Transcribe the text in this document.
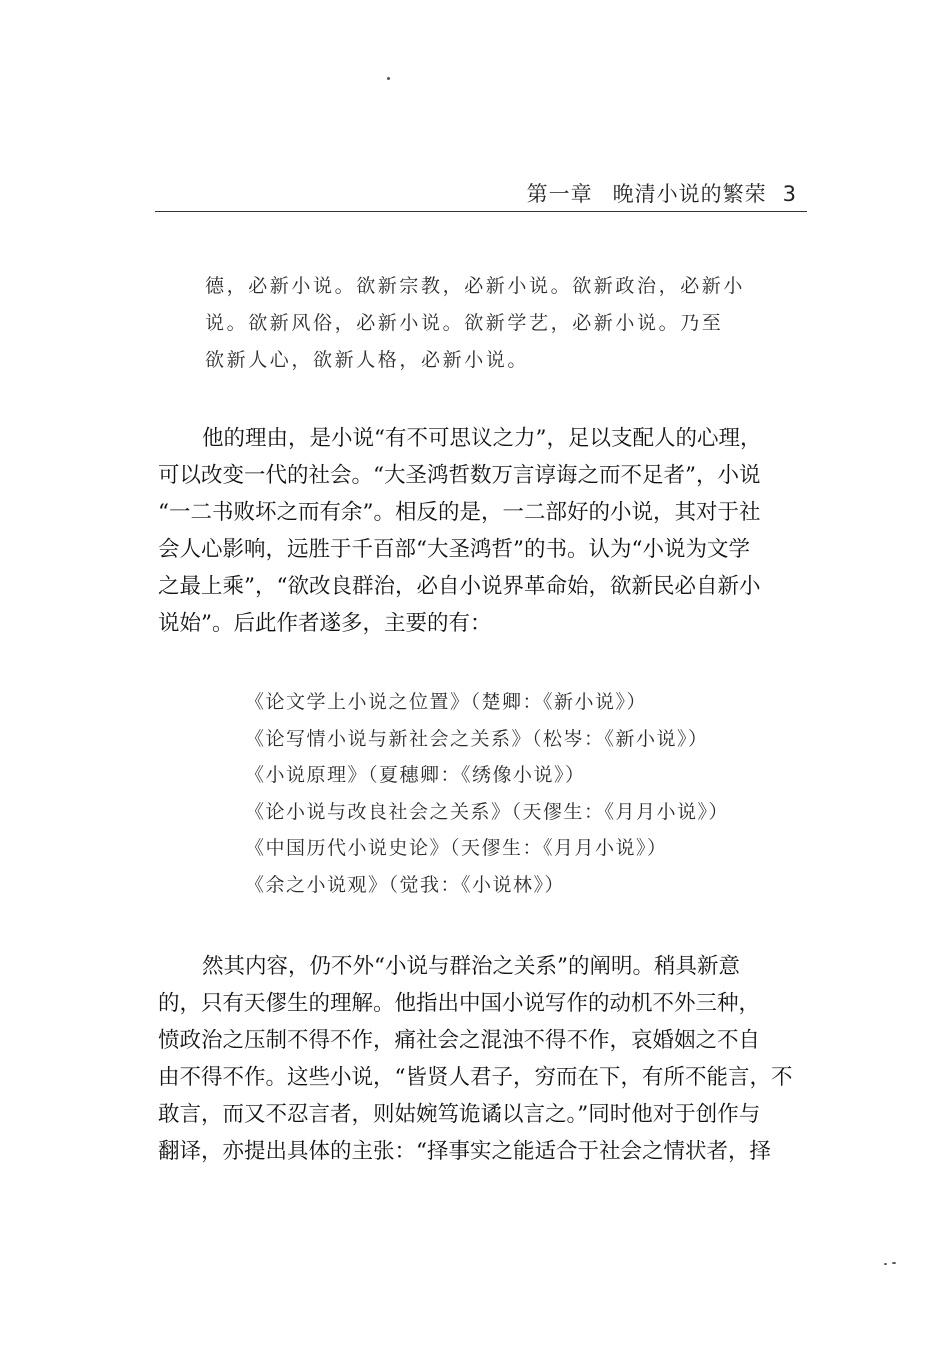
第一章 晚清小说的繁荣 3

德，必新小说。欲新宗教，必新小说。欲新政治，必新小

说。欲新风俗，必新小说。欲新学艺，必新小说。乃至

欲新人心，欲新人格，必新小说。

他的理由，是小说“有不可思议之力”，足以支配人的心理，

可以改变一代的社会。“大圣鸿哲数万言谆诲之而不足者”，小说

“一二书败坏之而有余”。相反的是，一二部好的小说，其对于社

会人心影响，远胜于千百部“大圣鸿哲”的书。认为“小说为文学

之最上乘”，“欲改良群治，必自小说界革命始，欲新民必自新小

说始”。后此作者遂多，主要的有：

《论文学上小说之位置》（楚卿：《新小说》）
《论写情小说与新社会之关系》（松岑：《新小说》）
《小说原理》（夏穗卿：《绣像小说》）
《论小说与改良社会之关系》（天僇生：《月月小说》）
《中国历代小说史论》（天僇生：《月月小说》）
《余之小说观》（觉我：《小说林》）

然其内容，仍不外“小说与群治之关系”的阐明。稍具新意

的，只有天僇生的理解。他指出中国小说写作的动机不外三种，

愤政治之压制不得不作，痛社会之混浊不得不作，哀婚姻之不自

由不得不作。这些小说，“皆贤人君子，穷而在下，有所不能言，不

敢言，而又不忍言者，则姑婉笃诡谲以言之。”同时他对于创作与

翻译，亦提出具体的主张：“择事实之能适合于社会之情状者，择
